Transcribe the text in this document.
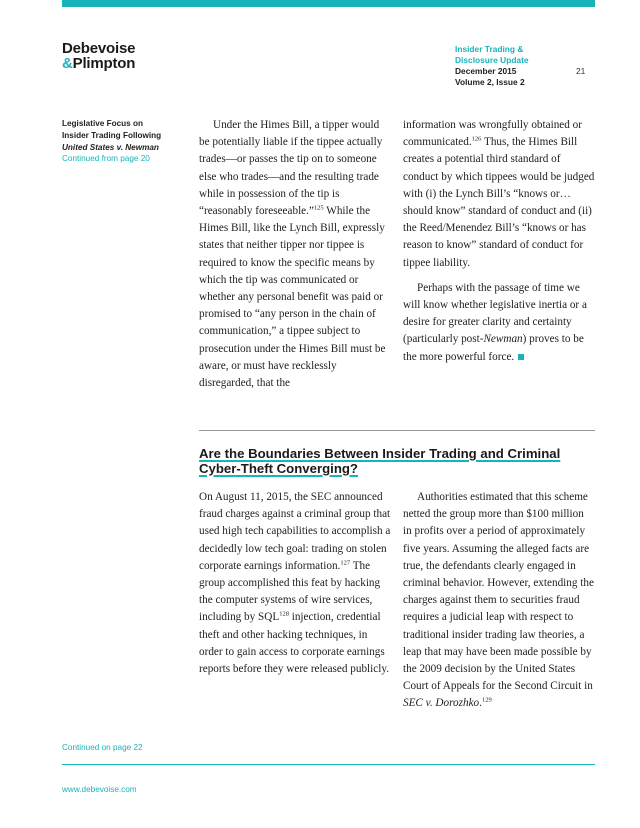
Debevoise
&Plimpton
Insider Trading &
Disclosure Update
December 2015
Volume 2, Issue 2
21
Legislative Focus on
Insider Trading Following
United States v. Newman
Continued from page 20

Under the Himes Bill, a tipper would be potentially liable if the tippee actually trades—or passes the tip on to someone else who trades—and the resulting trade while in possession of the tip is “reasonably foreseeable.”$^{125}$ While the Himes Bill, like the Lynch Bill, expressly states that neither tipper nor tippee is required to know the specific means by which the tip was communicated or whether any personal benefit was paid or promised to “any person in the chain of communication,” a tippee subject to prosecution under the Himes Bill must be aware, or must have recklessly disregarded, that the

information was wrongfully obtained or communicated.$^{126}$ Thus, the Himes Bill creates a potential third standard of conduct by which tippees would be judged with (i) the Lynch Bill’s “knows or… should know” standard of conduct and (ii) the Reed/Menendez Bill’s “knows or has reason to know” standard of conduct for tippee liability.

Perhaps with the passage of time we will know whether legislative inertia or a desire for greater clarity and certainty (particularly post-Newman) proves to be the more powerful force.

Are the Boundaries Between Insider Trading and Criminal Cyber-Theft Converging?

On August 11, 2015, the SEC announced fraud charges against a criminal group that used high tech capabilities to accomplish a decidedly low tech goal: trading on stolen corporate earnings information.$^{127}$ The group accomplished this feat by hacking the computer systems of wire services, including by SQL$^{128}$ injection, credential theft and other hacking techniques, in order to gain access to corporate earnings reports before they were released publicly.

Authorities estimated that this scheme netted the group more than $100 million in profits over a period of approximately five years. Assuming the alleged facts are true, the defendants clearly engaged in criminal behavior. However, extending the charges against them to securities fraud requires a judicial leap with respect to traditional insider trading law theories, a leap that may have been made possible by the 2009 decision by the United States Court of Appeals for the Second Circuit in SEC v. Dorozhko.$^{129}$

Continued on page 22
www.debevoise.com
